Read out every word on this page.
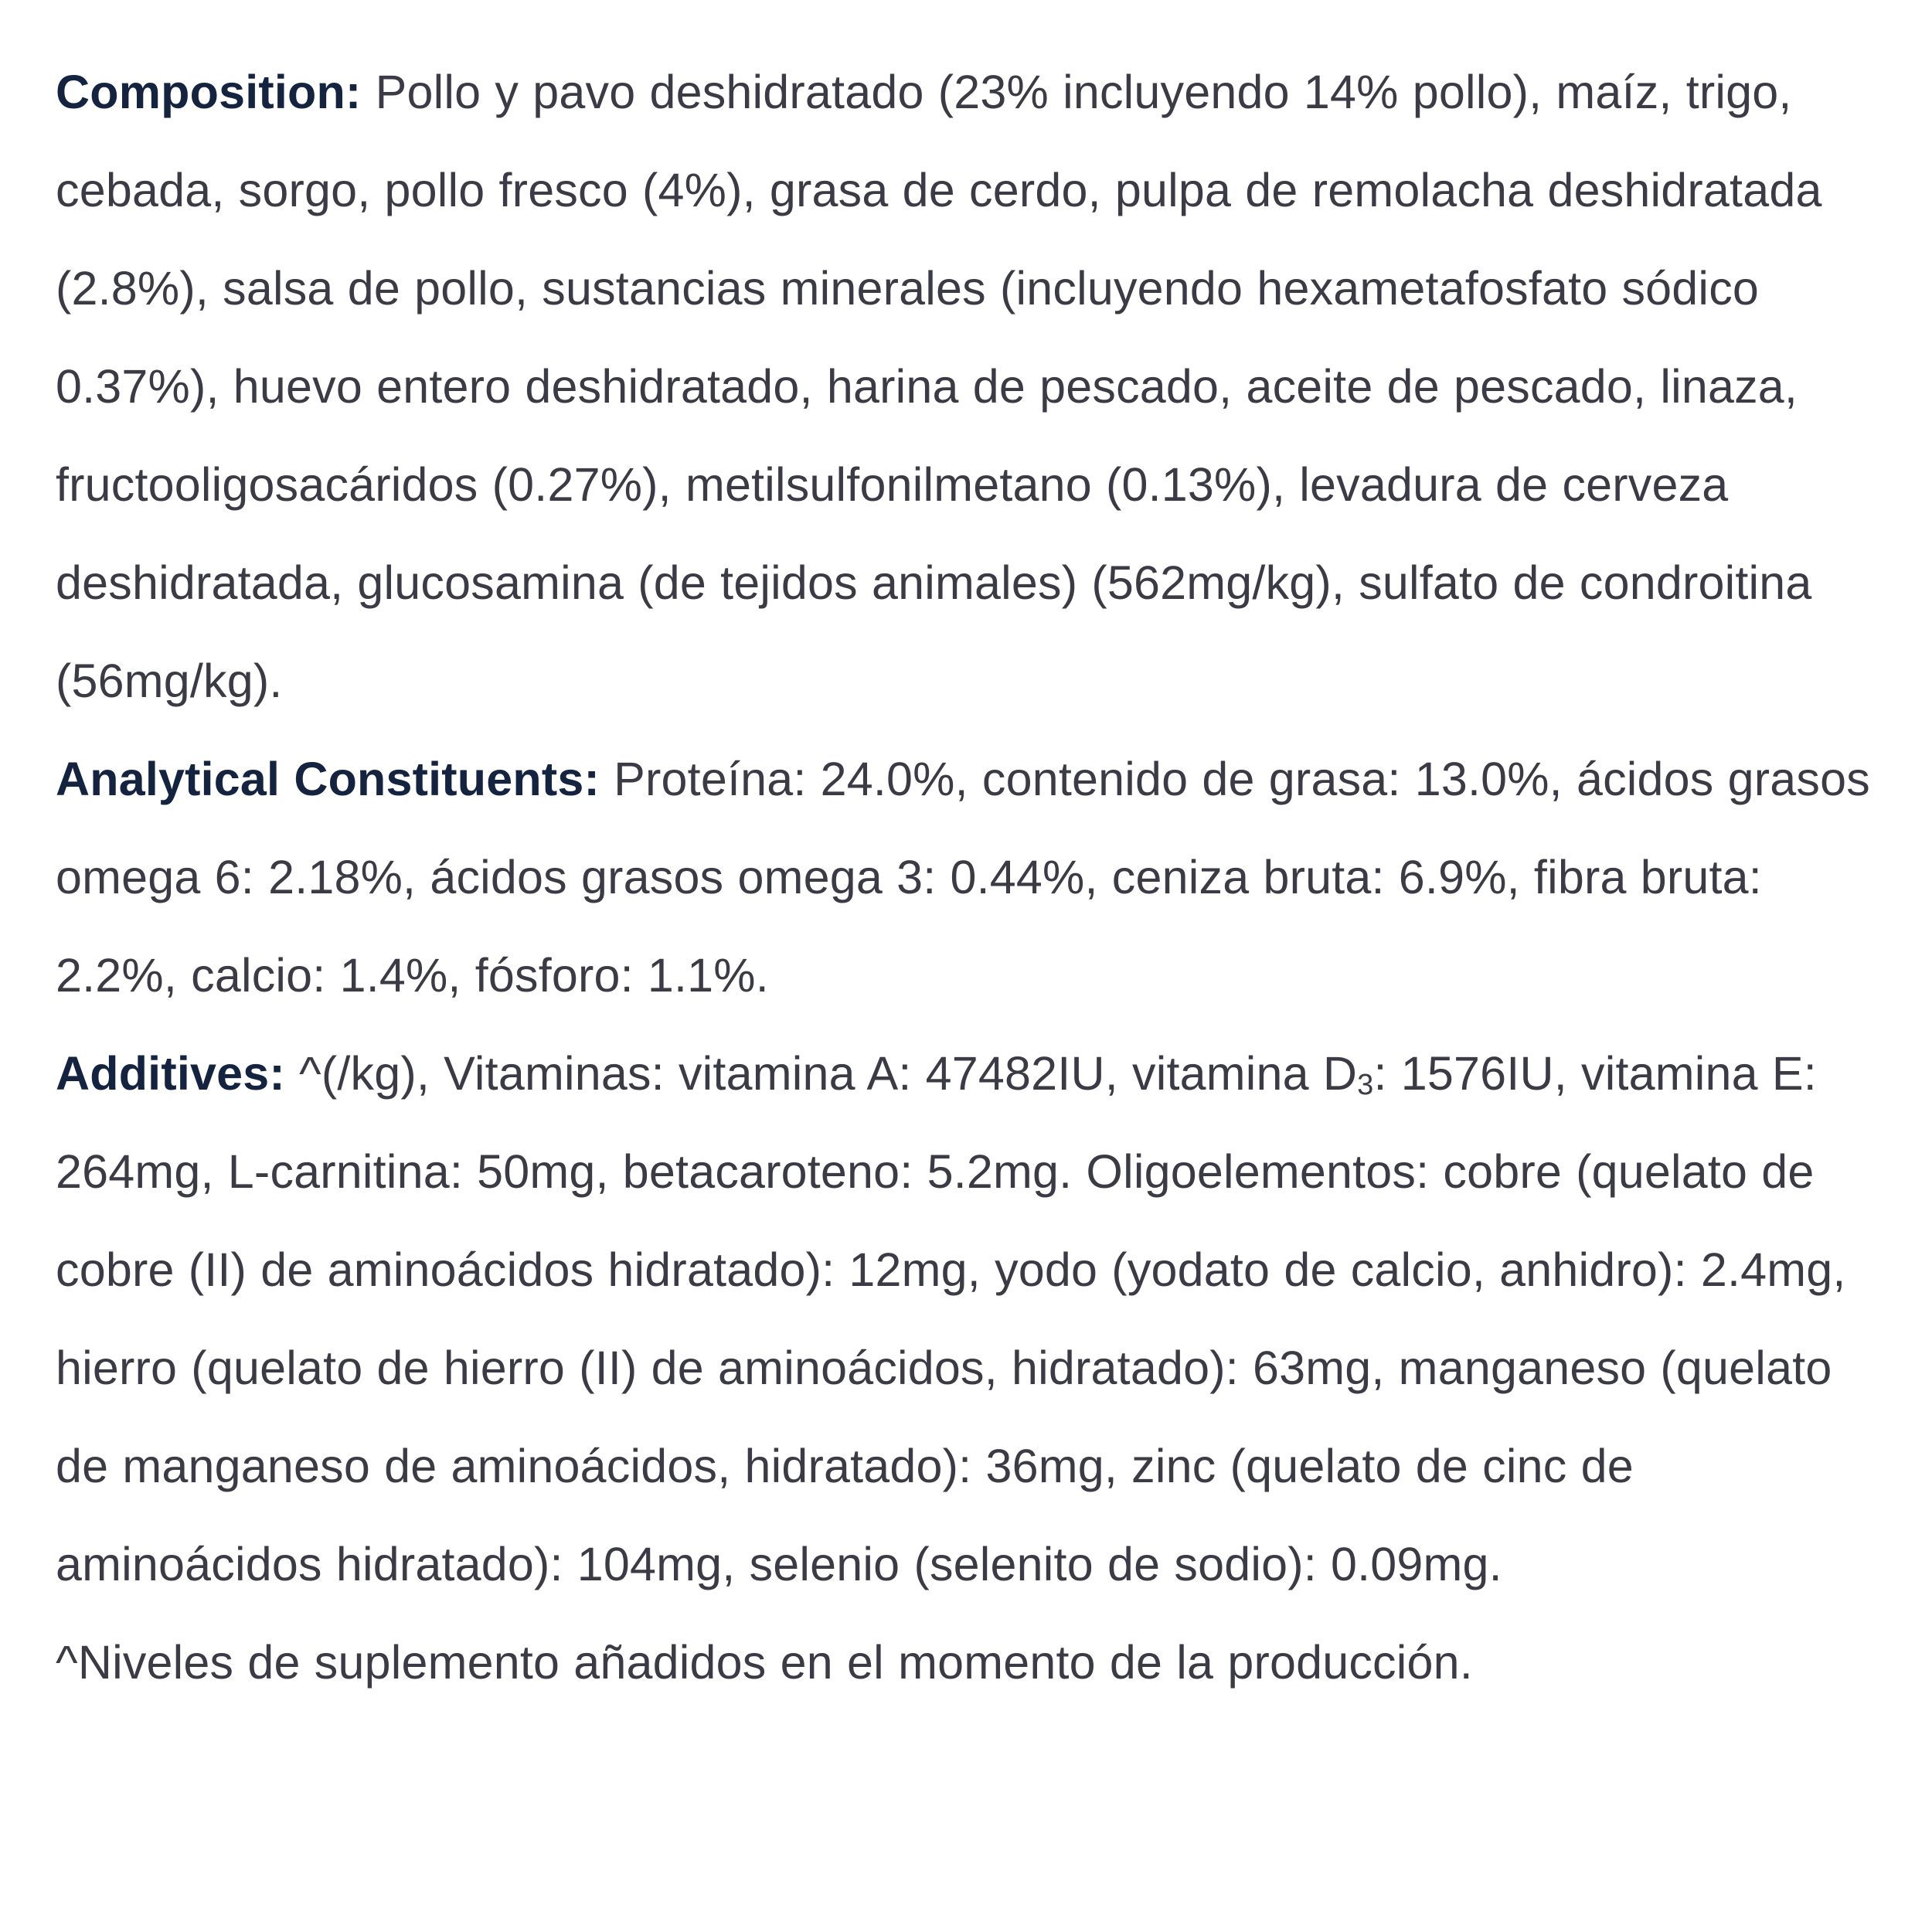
Composition: Pollo y pavo deshidratado (23% incluyendo 14% pollo), maíz, trigo, cebada, sorgo, pollo fresco (4%), grasa de cerdo, pulpa de remolacha deshidratada (2.8%), salsa de pollo, sustancias minerales (incluyendo hexametafosfato sódico 0.37%), huevo entero deshidratado, harina de pescado, aceite de pescado, linaza, fructooligosacáridos (0.27%), metilsulfonilmetano (0.13%), levadura de cerveza deshidratada, glucosamina (de tejidos animales) (562mg/kg), sulfato de condroitina (56mg/kg).

Analytical Constituents: Proteína: 24.0%, contenido de grasa: 13.0%, ácidos grasos omega 6: 2.18%, ácidos grasos omega 3: 0.44%, ceniza bruta: 6.9%, fibra bruta: 2.2%, calcio: 1.4%, fósforo: 1.1%.

Additives: ^(/kg), Vitaminas: vitamina A: 47482IU, vitamina D3: 1576IU, vitamina E: 264mg, L-carnitina: 50mg, betacaroteno: 5.2mg. Oligoelementos: cobre (quelato de cobre (II) de aminoácidos hidratado): 12mg, yodo (yodato de calcio, anhidro): 2.4mg, hierro (quelato de hierro (II) de aminoácidos, hidratado): 63mg, manganeso (quelato de manganeso de aminoácidos, hidratado): 36mg, zinc (quelato de cinc de aminoácidos hidratado): 104mg, selenio (selenito de sodio): 0.09mg.

^Niveles de suplemento añadidos en el momento de la producción.
